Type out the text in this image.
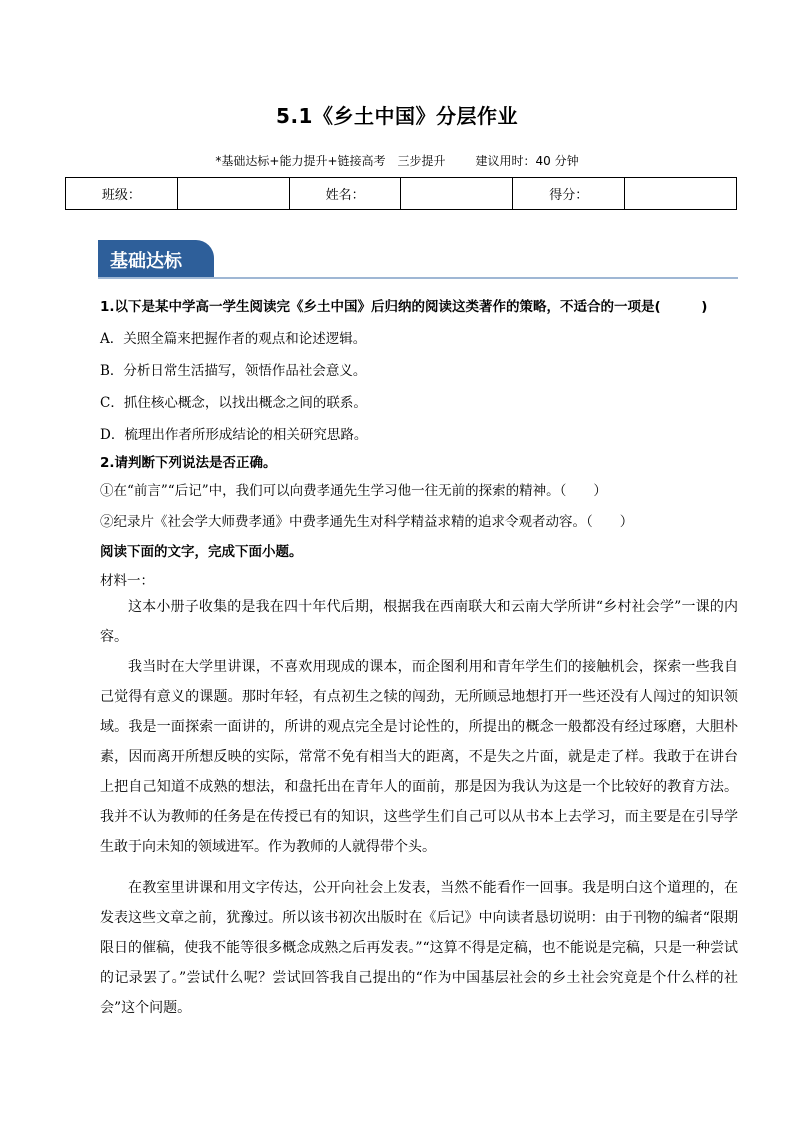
5.1《乡土中国》分层作业
*基础达标+能力提升+链接高考　三步提升	建议用时：40 分钟
班级：		姓名：		得分：	
基础达标
1.以下是某中学高一学生阅读完《乡土中国》后归纳的阅读这类著作的策略，不适合的一项是(　　　)
A．关照全篇来把握作者的观点和论述逻辑。
B．分析日常生活描写，领悟作品社会意义。
C．抓住核心概念，以找出概念之间的联系。
D．梳理出作者所形成结论的相关研究思路。
2.请判断下列说法是否正确。
①在“前言”“后记”中，我们可以向费孝通先生学习他一往无前的探索的精神。（　　）
②纪录片《社会学大师费孝通》中费孝通先生对科学精益求精的追求令观者动容。（　　）
阅读下面的文字，完成下面小题。
材料一：
这本小册子收集的是我在四十年代后期，根据我在西南联大和云南大学所讲“乡村社会学”一课的内容。
我当时在大学里讲课，不喜欢用现成的课本，而企图利用和青年学生们的接触机会，探索一些我自己觉得有意义的课题。那时年轻，有点初生之犊的闯劲，无所顾忌地想打开一些还没有人闯过的知识领域。我是一面探索一面讲的，所讲的观点完全是讨论性的，所提出的概念一般都没有经过琢磨，大胆朴素，因而离开所想反映的实际，常常不免有相当大的距离，不是失之片面，就是走了样。我敢于在讲台上把自己知道不成熟的想法，和盘托出在青年人的面前，那是因为我认为这是一个比较好的教育方法。我并不认为教师的任务是在传授已有的知识，这些学生们自己可以从书本上去学习，而主要是在引导学生敢于向未知的领域进军。作为教师的人就得带个头。
在教室里讲课和用文字传达，公开向社会上发表，当然不能看作一回事。我是明白这个道理的，在发表这些文章之前，犹豫过。所以该书初次出版时在《后记》中向读者恳切说明：由于刊物的编者“限期限日的催稿，使我不能等很多概念成熟之后再发表。”“这算不得是定稿，也不能说是完稿，只是一种尝试的记录罢了。”尝试什么呢？尝试回答我自己提出的“作为中国基层社会的乡土社会究竟是个什么样的社会”这个问题。
